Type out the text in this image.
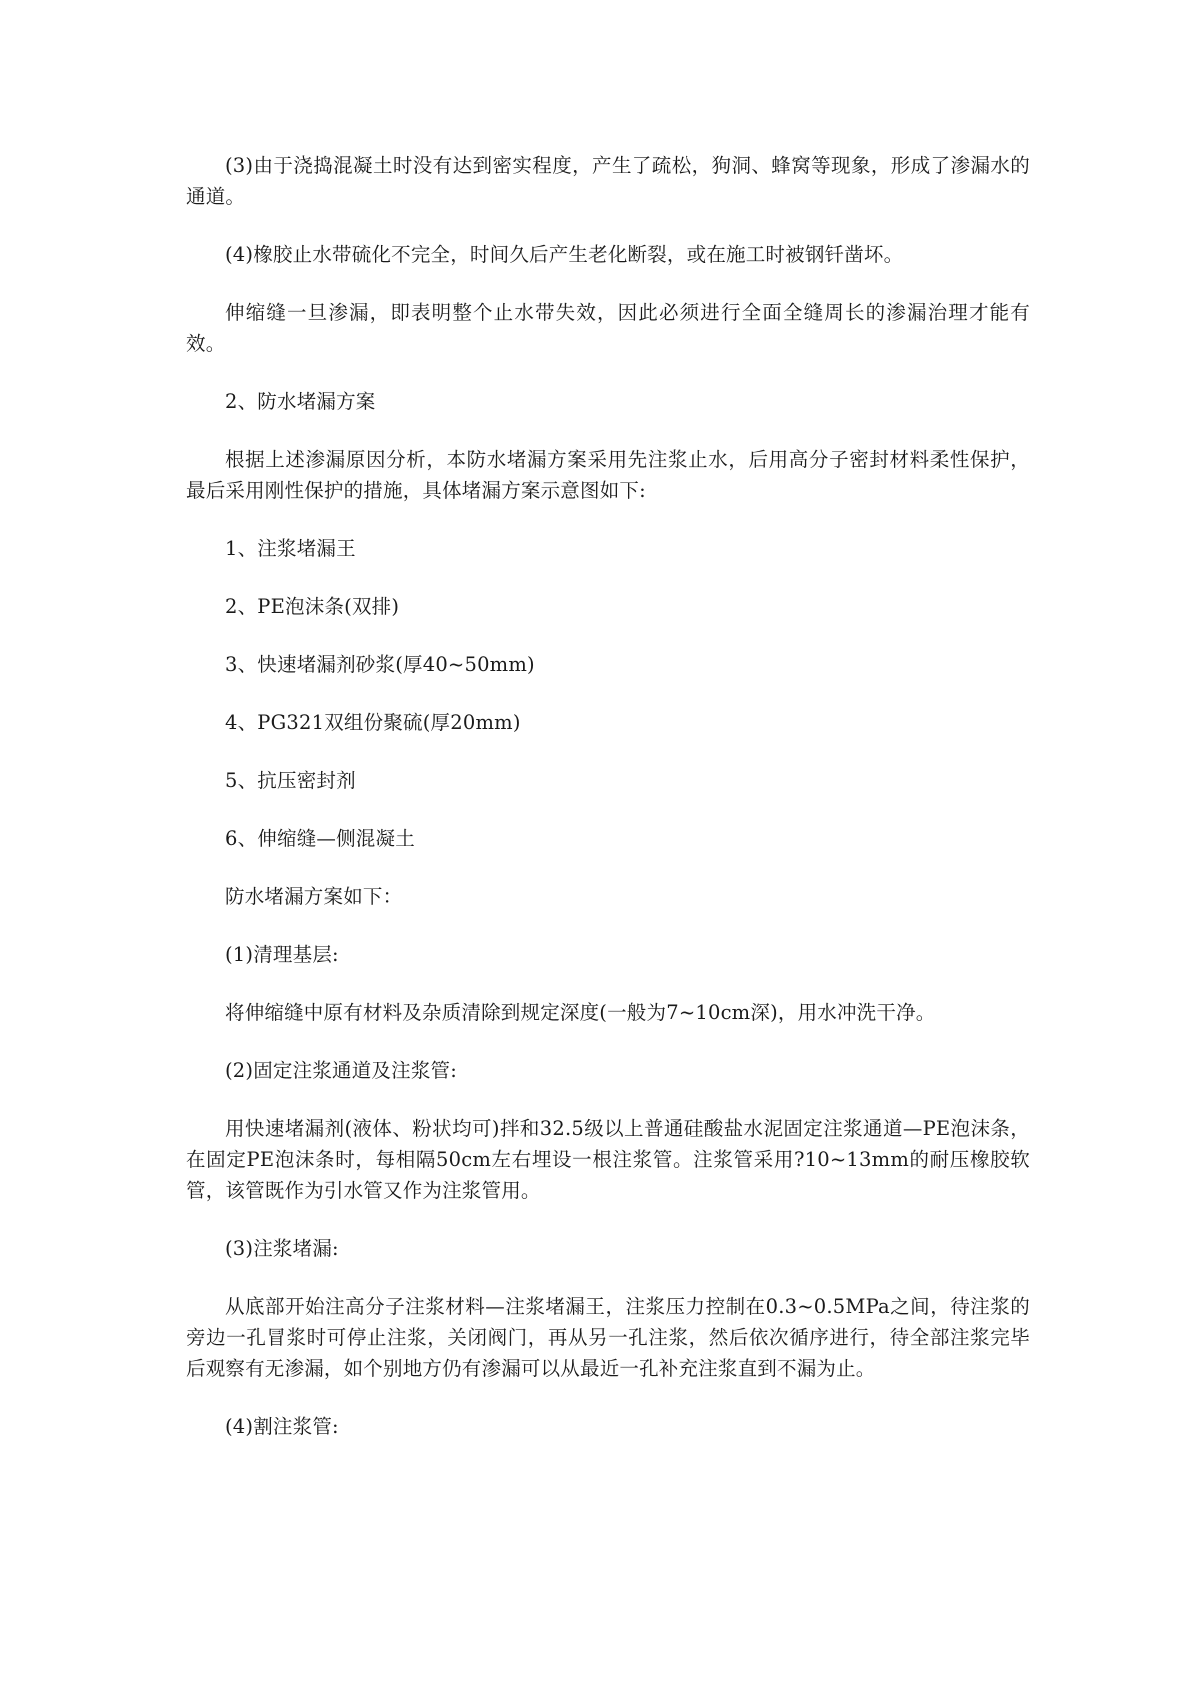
(3)由于浇捣混凝土时没有达到密实程度，产生了疏松，狗洞、蜂窝等现象，形成了渗漏水的通道。

(4)橡胶止水带硫化不完全，时间久后产生老化断裂，或在施工时被钢钎凿坏。

伸缩缝一旦渗漏，即表明整个止水带失效，因此必须进行全面全缝周长的渗漏治理才能有效。

2、防水堵漏方案

根据上述渗漏原因分析，本防水堵漏方案采用先注浆止水，后用高分子密封材料柔性保护，最后采用刚性保护的措施，具体堵漏方案示意图如下:

1、注浆堵漏王

2、PE泡沫条(双排)

3、快速堵漏剂砂浆(厚40~50mm)

4、PG321双组份聚硫(厚20mm)

5、抗压密封剂

6、伸缩缝—侧混凝土

防水堵漏方案如下：

(1)清理基层:

将伸缩缝中原有材料及杂质清除到规定深度(一般为7~10cm深)，用水冲洗干净。

(2)固定注浆通道及注浆管:

用快速堵漏剂(液体、粉状均可)拌和32.5级以上普通硅酸盐水泥固定注浆通道—PE泡沫条，在固定PE泡沫条时，每相隔50cm左右埋设一根注浆管。注浆管采用?10~13mm的耐压橡胶软管，该管既作为引水管又作为注浆管用。

(3)注浆堵漏:

从底部开始注高分子注浆材料—注浆堵漏王，注浆压力控制在0.3~0.5MPa之间，待注浆的旁边一孔冒浆时可停止注浆，关闭阀门，再从另一孔注浆，然后依次循序进行，待全部注浆完毕后观察有无渗漏，如个别地方仍有渗漏可以从最近一孔补充注浆直到不漏为止。

(4)割注浆管:
